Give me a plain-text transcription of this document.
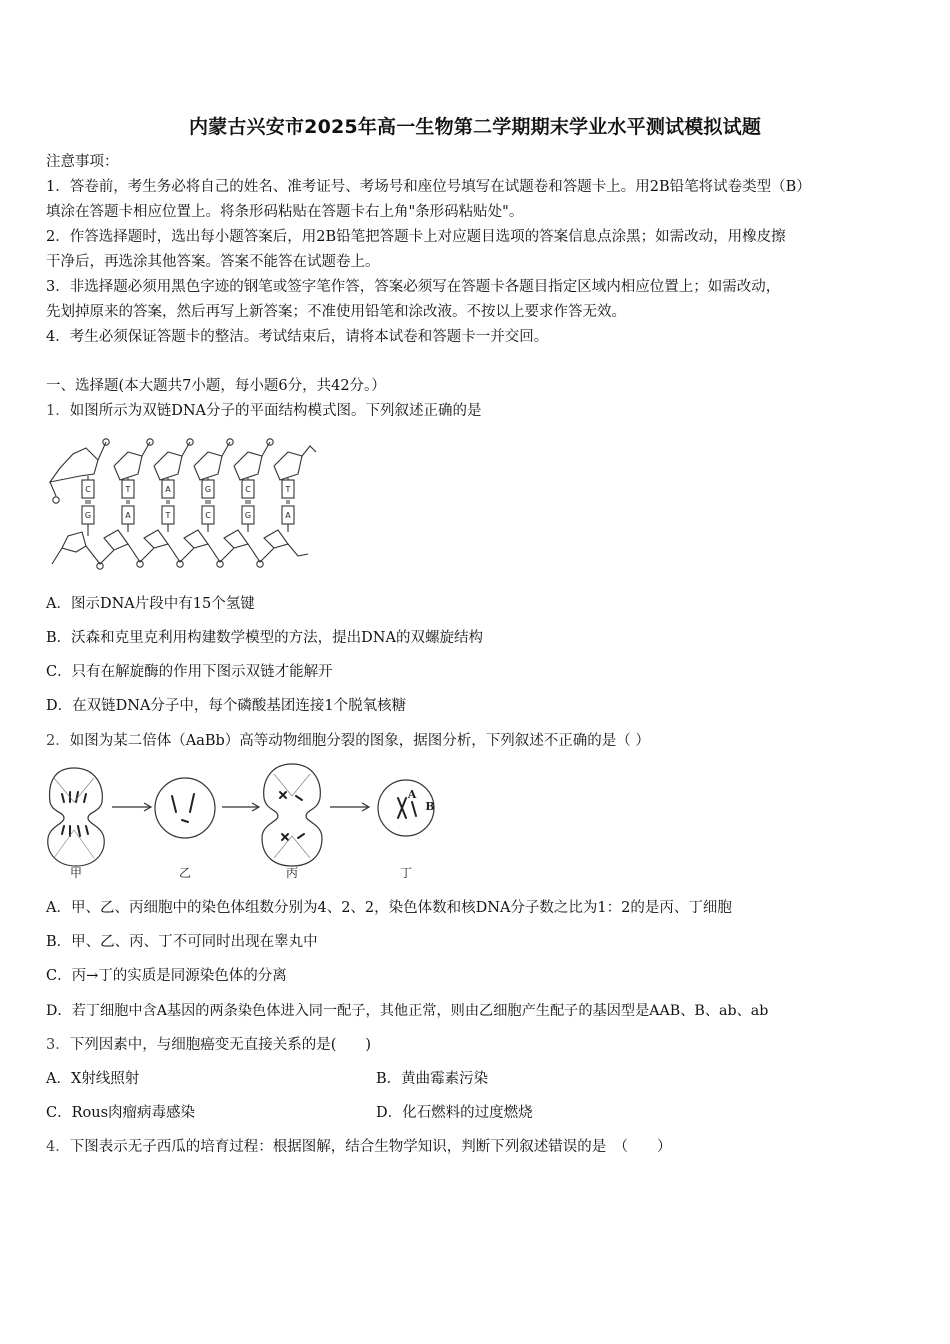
内蒙古兴安市2025年高一生物第二学期期末学业水平测试模拟试题
注意事项：
1．答卷前，考生务必将自己的姓名、准考证号、考场号和座位号填写在试题卷和答题卡上。用2B铅笔将试卷类型（B）
填涂在答题卡相应位置上。将条形码粘贴在答题卡右上角"条形码粘贴处"。
2．作答选择题时，选出每小题答案后，用2B铅笔把答题卡上对应题目选项的答案信息点涂黑；如需改动，用橡皮擦
干净后，再选涂其他答案。答案不能答在试题卷上。
3．非选择题必须用黑色字迹的钢笔或签字笔作答，答案必须写在答题卡各题目指定区域内相应位置上；如需改动，
先划掉原来的答案，然后再写上新答案；不准使用铅笔和涂改液。不按以上要求作答无效。
4．考生必须保证答题卡的整洁。考试结束后，请将本试卷和答题卡一并交回。
一、选择题(本大题共7小题，每小题6分，共42分。）
1．如图所示为双链DNA分子的平面结构模式图。下列叙述正确的是
C	T	A	G	C	T
G	A	T	C	G	A
A．图示DNA片段中有15个氢键
B．沃森和克里克利用构建数学模型的方法，提出DNA的双螺旋结构
C．只有在解旋酶的作用下图示双链才能解开
D．在双链DNA分子中，每个磷酸基团连接1个脱氧核糖
2．如图为某二倍体（AaBb）高等动物细胞分裂的图象，据图分析，下列叙述不正确的是（ ）
甲	乙	丙	丁
A
B
A．甲、乙、丙细胞中的染色体组数分别为4、2、2，染色体数和核DNA分子数之比为1：2的是丙、丁细胞
B．甲、乙、丙、丁不可同时出现在睾丸中
C．丙→丁的实质是同源染色体的分离
D．若丁细胞中含A基因的两条染色体进入同一配子，其他正常，则由乙细胞产生配子的基因型是AAB、B、ab、ab
3．下列因素中，与细胞癌变无直接关系的是(　　)
A．X射线照射	B．黄曲霉素污染
C．Rous肉瘤病毒感染	D．化石燃料的过度燃烧
4．下图表示无子西瓜的培育过程：根据图解，结合生物学知识，判断下列叙述错误的是　（　　）
